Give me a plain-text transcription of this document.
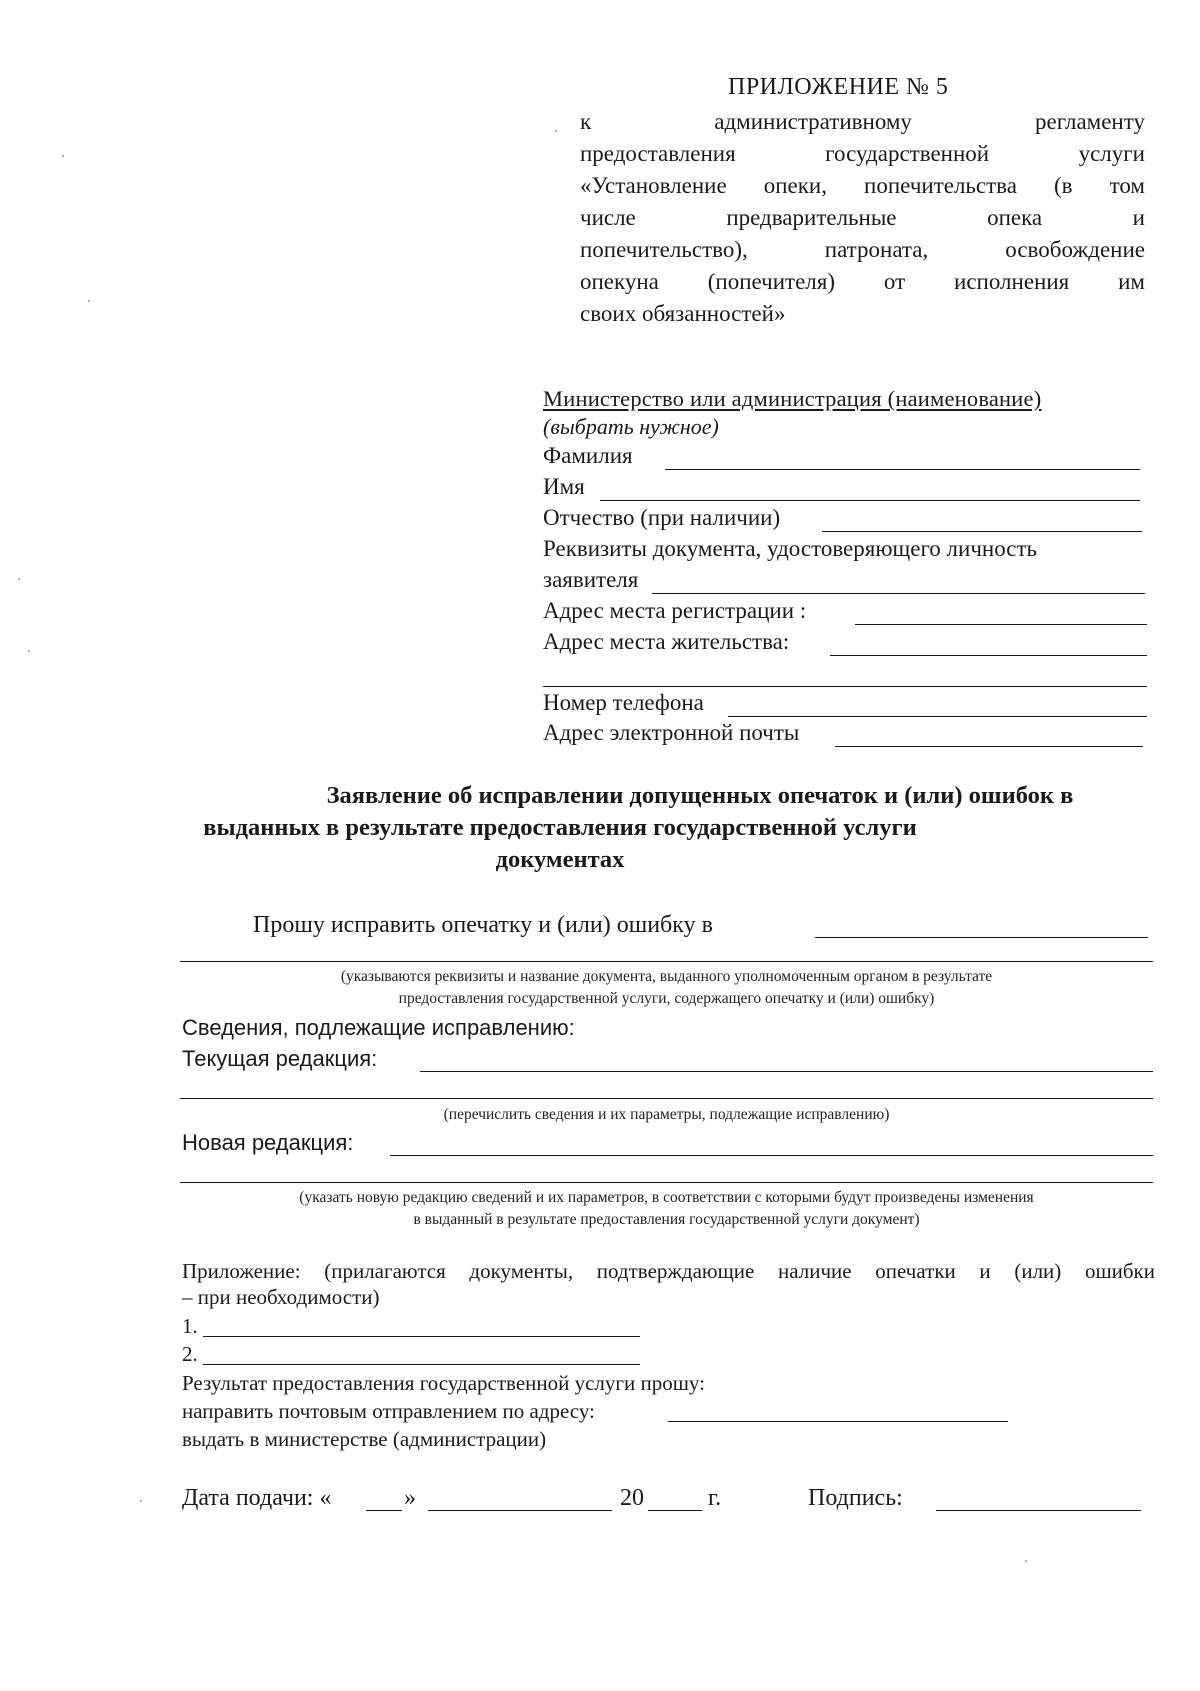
ПРИЛОЖЕНИЕ № 5
к административному регламенту
предоставления государственной услуги
«Установление опеки, попечительства (в том
числе предварительные опека и
попечительство), патроната, освобождение
опекуна (попечителя) от исполнения им
своих обязанностей»
Министерство или администрация (наименование)
(выбрать нужное)
Фамилия
Имя
Отчество (при наличии)
Реквизиты документа, удостоверяющего личность
заявителя
Адрес места регистрации :
Адрес места жительства:
Номер телефона
Адрес электронной почты
Заявление об исправлении допущенных опечаток и (или) ошибок в
выданных в результате предоставления государственной услуги
документах
Прошу исправить опечатку и (или) ошибку в
(указываются реквизиты и название документа, выданного уполномоченным органом в результате
предоставления государственной услуги, содержащего опечатку и (или) ошибку)
Сведения, подлежащие исправлению:
Текущая редакция:
(перечислить сведения и их параметры, подлежащие исправлению)
Новая редакция:
(указать новую редакцию сведений и их параметров, в соответствии с которыми будут произведены изменения
в выданный в результате предоставления государственной услуги документ)
Приложение: (прилагаются документы, подтверждающие наличие опечатки и (или) ошибки
– при необходимости)
1.
2.
Результат предоставления государственной услуги прошу:
направить почтовым отправлением по адресу:
выдать в министерстве (администрации)
Дата подачи: «	»	20	г.	Подпись:
